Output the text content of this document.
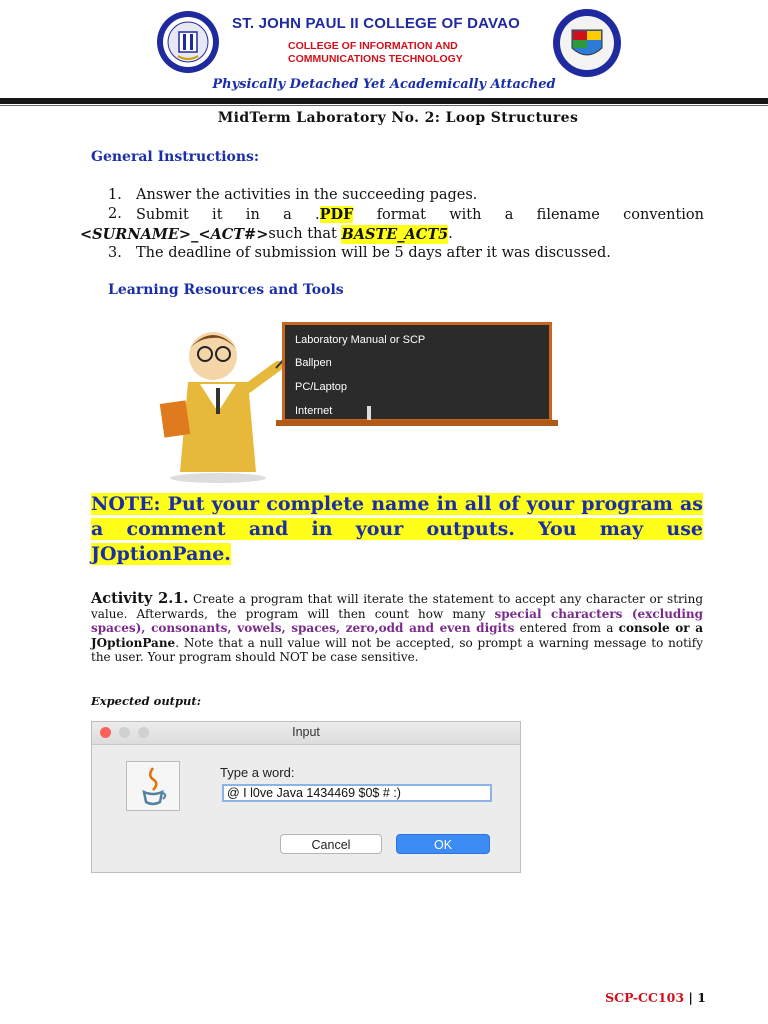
ST. JOHN PAUL II COLLEGE OF DAVAO
COLLEGE OF INFORMATION AND
COMMUNICATIONS TECHNOLOGY
Physically Detached Yet Academically Attached
MidTerm Laboratory No. 2: Loop Structures
General Instructions:
1. Answer the activities in the succeeding pages.
2. Submit it in a .PDF format with a filename convention
<SURNAME> _ <ACT#> such that
BASTE_ACT5 .
3. The deadline of submission will be 5 days after it was discussed.
Learning Resources and Tools
Laboratory Manual or SCP
Ballpen
PC/Laptop
Internet
NOTE: Put your complete name in all of your program as a comment and in your outputs. You may use JOptionPane.
Activity 2.1. Create a program that will iterate the statement to accept any character or string value. Afterwards, the program will then count how many special characters (excluding spaces), consonants, vowels, spaces, zero,odd and even digits entered from a console or a JOptionPane. Note that a null value will not be accepted, so prompt a warning message to notify the user. Your program should NOT be case sensitive.
Expected output:
Input
Type a word:
@ I l0ve Java 1434469 $0$ # :)
Cancel	OK
SCP-CC103 | 1
